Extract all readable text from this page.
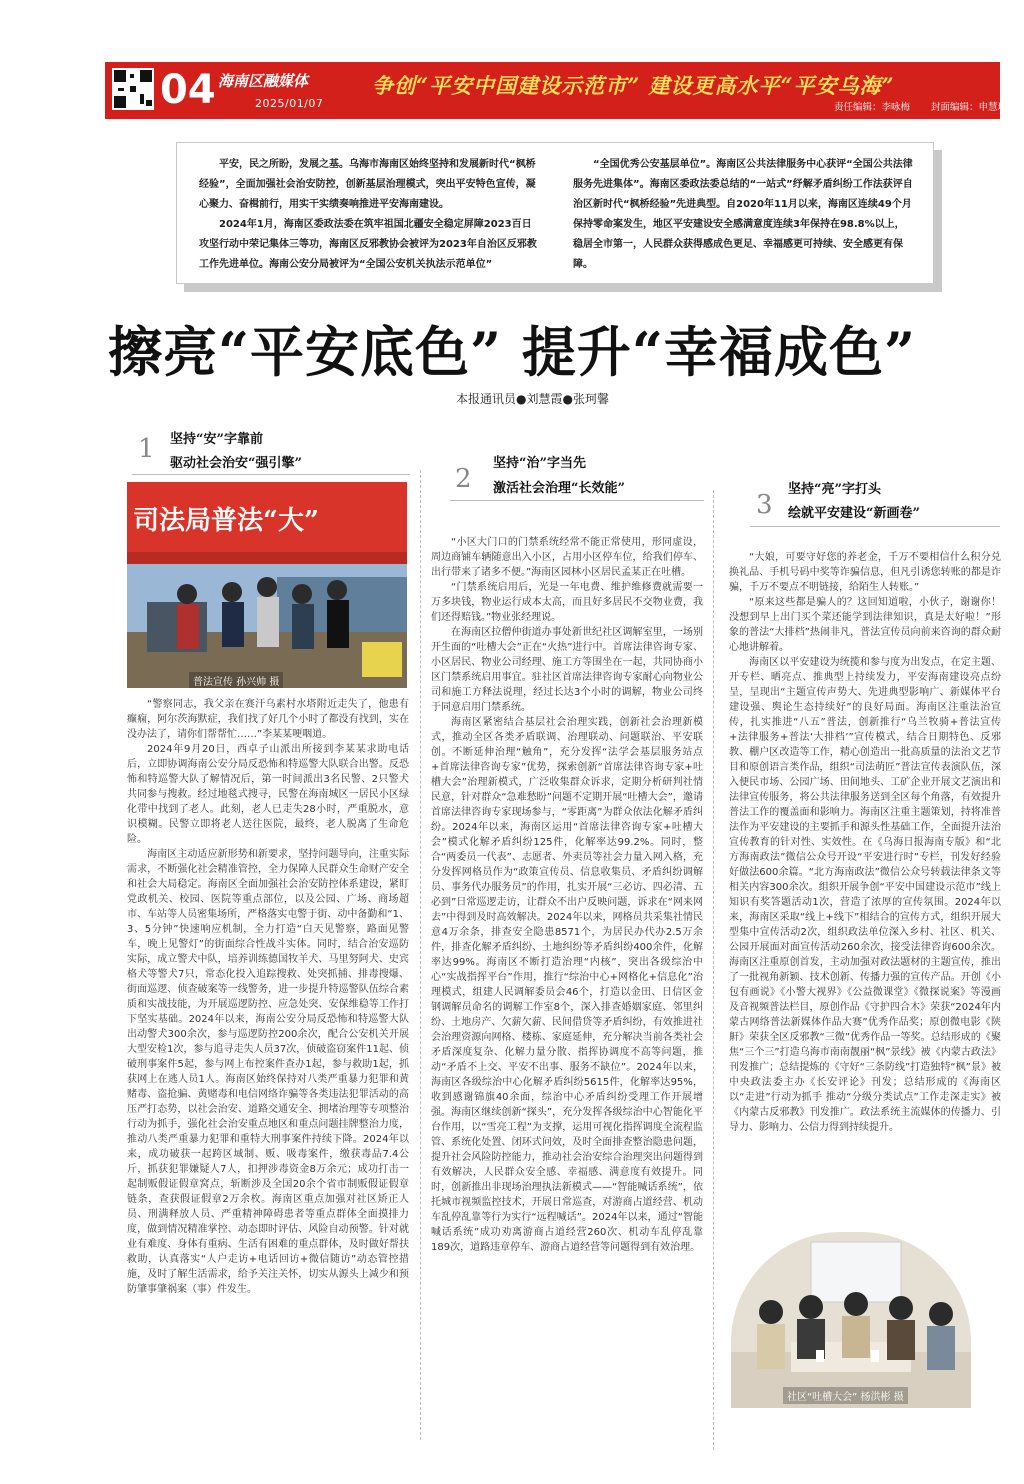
04 海南区融媒体
2025/01/07
争创“平安中国建设示范市” 建设更高水平“平安乌海”
责任编辑：李咏梅 封面编辑：申慧珍

平安，民之所盼，发展之基。乌海市海南区始终坚持和发展新时代“枫桥经验”，全面加强社会治安防控，创新基层治理模式，突出平安特色宣传，凝心聚力、奋楫前行，用实干实绩奏响推进平安海南建设。

2024年1月，海南区委政法委在筑牢祖国北疆安全稳定屏障2023百日攻坚行动中荣记集体三等功，海南区反邪教协会被评为2023年自治区反邪教工作先进单位。海南公安分局被评为“全国公安机关执法示范单位”

“全国优秀公安基层单位”。海南区公共法律服务中心获评“全国公共法律服务先进集体”。海南区委政法委总结的“一站式”纾解矛盾纠纷工作法获评自治区新时代“枫桥经验”先进典型。自2020年11月以来，海南区连续49个月保持零命案发生，地区平安建设安全感满意度连续3年保持在98.8%以上，稳居全市第一，人民群众获得感成色更足、幸福感更可持续、安全感更有保障。

擦亮“平安底色” 提升“幸福成色”
本报通讯员●刘慧霞●张珂馨
1 坚持“安”字靠前
驱动社会治安“强引擎”
2
坚持“治”字当先
激活社会治理“长效能”
3
坚持“亮”字打头
绘就平安建设“新画卷”
司法局普法“大”
普法宣传 孙兴帅 摄

“警察同志，我父亲在赛汗乌素村水塔附近走失了，他患有癫痫，阿尔茨海默症，我们找了好几个小时了都没有找到，实在没办法了，请你们帮帮忙……”李某某哽咽道。

2024年9月20日，西卓子山派出所接到李某某求助电话后，立即协调海南公安分局反恐怖和特巡警大队联合出警。反恐怖和特巡警大队了解情况后，第一时间派出3名民警、2只警犬共同参与搜救。经过地毯式搜寻，民警在海南城区一居民小区绿化带中找到了老人。此刻，老人已走失28小时，严重脱水，意识模糊。民警立即将老人送往医院，最终，老人脱离了生命危险。

海南区主动适应新形势和新要求，坚持问题导向，注重实际需求，不断强化社会精准管控，全力保障人民群众生命财产安全和社会大局稳定。海南区全面加强社会治安防控体系建设，紧盯党政机关、校园、医院等重点部位，以及公园、广场、商场超市、车站等人员密集场所，严格落实屯警于街、动中备勤和“1、3、5分钟”快速响应机制，全力打造“白天见警察，路面见警车，晚上见警灯”的街面综合性战斗实体。同时，结合治安巡防实际，成立警犬中队，培养训练德国牧羊犬、马里努阿犬、史宾格犬等警犬7只，常态化投入追踪搜救、处突抓捕、排毒搜爆、街面巡逻、侦查破案等一线警务，进一步提升特巡警队伍综合素质和实战技能，为开展巡逻防控、应急处突、安保维稳等工作打下坚实基础。2024年以来，海南公安分局反恐怖和特巡警大队出动警犬300余次，参与巡逻防控200余次，配合公安机关开展大型安检1次，参与追寻走失人员37次，侦破盗窃案件11起、侦破刑事案件5起，参与网上布控案件查办1起，参与救助1起，抓获网上在逃人员1人。海南区始终保持对八类严重暴力犯罪和黄赌毒、盗抢骗、黄赌毒和电信网络诈骗等各类违法犯罪活动的高压严打态势，以社会治安、道路交通安全、拥堵治理等专项整治行动为抓手，强化社会治安重点地区和重点问题挂牌整治力度，推动八类严重暴力犯罪和重特大刑事案件持续下降。2024年以来，成功破获一起跨区域制、贩、吸毒案件，缴获毒品7.4公斤，抓获犯罪嫌疑人7人，扣押涉毒资金8万余元；成功打击一起制贩假证假章窝点，斩断涉及全国20余个省市制贩假证假章链条，查获假证假章2万余枚。海南区重点加强对社区矫正人员、刑满释放人员、严重精神障碍患者等重点群体全面摸排力度，做到情况精准掌控、动态即时评估、风险自动预警。针对就业有难度、身体有重病、生活有困难的重点群体，及时做好帮扶救助，认真落实“人户走访+电话回访+微信随访”动态管控措施，及时了解生活需求，给予关注关怀，切实从源头上减少和预防肇事肇祸案（事）件发生。

“小区大门口的门禁系统经常不能正常使用，形同虚设，周边商铺车辆随意出入小区，占用小区停车位，给我们停车、出行带来了诸多不便。”海南区园林小区居民孟某正在吐槽。

“门禁系统启用后，光是一年电费、维护维修费就需要一万多块钱，物业运行成本太高，而且好多居民不交物业费，我们还得赔钱。”物业张经理说。

在海南区拉僧仲街道办事处新世纪社区调解室里，一场别开生面的“吐槽大会”正在“火热”进行中。首席法律咨询专家、小区居民、物业公司经理、施工方等围坐在一起，共同协商小区门禁系统启用事宜。驻社区首席法律咨询专家耐心向物业公司和施工方释法说理，经过长达3个小时的调解，物业公司终于同意启用门禁系统。

海南区紧密结合基层社会治理实践，创新社会治理新模式，推动全区各类矛盾联调、治理联动、问题联治、平安联创。不断延伸治理“触角”，充分发挥“法学会基层服务站点+首席法律咨询专家”优势，探索创新“首席法律咨询专家+吐槽大会”治理新模式，广泛收集群众诉求，定期分析研判社情民意，针对群众“急难愁盼”问题不定期开展“吐槽大会”，邀请首席法律咨询专家现场参与，“零距离”为群众依法化解矛盾纠纷。2024年以来，海南区运用“首席法律咨询专家+吐槽大会”模式化解矛盾纠纷125件，化解率达99.2%。同时，整合“两委员一代表”、志愿者、外卖员等社会力量入网入格，充分发挥网格员作为“政策宣传员、信息收集员、矛盾纠纷调解员、事务代办服务员”的作用，扎实开展“三必访、四必清、五必到”日常巡逻走访，让群众不出户反映问题，诉求在“网来网去”中得到及时高效解决。2024年以来，网格员共采集社情民意4万余条，排查安全隐患8571个，为居民办代办2.5万余件，排查化解矛盾纠纷、土地纠纷等矛盾纠纷400余件，化解率达99%。海南区不断打造治理“内核”，突出各级综治中心“实战指挥平台”作用，推行“综治中心+网格化+信息化”治理模式，组建人民调解委员会46个，打造以金田、日信区金钢调解员命名的调解工作室8个，深入排查婚姻家庭、邻里纠纷、土地房产、欠薪欠薪、民间借贷等矛盾纠纷，有效推进社会治理资源向网格、楼栋、家庭延伸，充分解决当前各类社会矛盾深度复杂、化解力量分散、指挥协调度不高等问题，推动“矛盾不上交、平安不出事、服务不缺位”。2024年以来，海南区各级综治中心化解矛盾纠纷5615件，化解率达95%，收到感谢锦旗40余面，综治中心矛盾纠纷受理工作开展增强。海南区继续创新“探头”，充分发挥各级综治中心智能化平台作用，以“雪亮工程”为支撑，运用可视化指挥调度全流程监管、系统化处置、闭环式问效，及时全面排查整治隐患问题，提升社会风险防控能力，推动社会治安综合治理突出问题得到有效解决，人民群众安全感、幸福感、满意度有效提升。同时，创新推出非现场治理执法新模式——“智能喊话系统”，依托城市视频监控技术，开展日常巡查，对游商占道经营、机动车乱停乱靠等行为实行“远程喊话”。2024年以来，通过“智能喊话系统”成功劝离游商占道经营260次、机动车乱停乱靠189次，道路违章停车、游商占道经营等问题得到有效治理。

“大娘，可要守好您的养老金，千万不要相信什么积分兑换礼品、手机号码中奖等诈骗信息，但凡引诱您转账的都是诈骗，千万不要点不明链接，给陌生人转账。”

“原来这些都是骗人的？这回知道啦，小伙子，谢谢你！没想到早上出门买个菜还能学到法律知识，真是太好啦！”形象的普法“大排档”热闹非凡，普法宣传员向前来咨询的群众耐心地讲解着。

海南区以平安建设为统揽和参与度为出发点，在定主题、开专栏、晒亮点、推典型上持续发力，平安海南建设亮点纷呈，呈现出“主题宣传声势大、先进典型影响广、新媒体平台建设强、舆论生态持续好”的良好局面。海南区注重法治宣传，扎实推进“八五”普法，创新推行“乌兰牧骑+普法宣传+法律服务+普法‘大排档’”宣传模式，结合日期特色、反邪教、棚户区改造等工作，精心创造出一批高质量的法治文艺节目和原创语言类作品，组织“司法萌匠”普法宣传表演队伍，深入便民市场、公园广场、田间地头、工矿企业开展文艺演出和法律宣传服务，将公共法律服务送到全区每个角落，有效提升普法工作的覆盖面和影响力。海南区注重主题策划，持将准普法作为平安建设的主要抓手和源头性基础工作，全面提升法治宣传教育的针对性、实效性。在《乌海日报海南专版》和“北方海南政法”微信公众号开设“平安进行时”专栏，刊发好经验好做法600余篇。“北方海南政法”微信公众号转载法律条文等相关内容300余次。组织开展争创“平安中国建设示范市”线上知识有奖答题活动1次，营造了浓厚的宣传氛围。2024年以来，海南区采取“线上+线下”相结合的宣传方式，组织开展大型集中宣传活动2次，组织政法单位深入乡村、社区、机关、公园开展面对面宣传活动260余次，接受法律咨询600余次。海南区注重原创首发，主动加强对政法题材的主题宣传，推出了一批视角新颖、技术创新、传播力强的宣传产品。开创《小包有画说》《小警大视界》《公益微课堂》《微探说案》等漫画及音视频普法栏目，原创作品《守护四合木》荣获“2024年内蒙古网络普法新媒体作品大赛”优秀作品奖；原创微电影《陕鼾》荣获全区反邪教“三微”优秀作品一等奖。总结形成的《聚焦“三个三”打造乌海市南南靓丽“枫”景线》被《内蒙古政法》刊发推广；总结提炼的《守好“三条防线”打造独特“枫”景》被中央政法委主办《长安评论》刊发；总结形成的《海南区以“走进”行动为抓手 推动“分级分类试点”工作走深走实》被《内蒙古反邪教》刊发推广。政法系统主流媒体的传播力、引导力、影响力、公信力得到持续提升。

社区“吐槽大会” 杨洪彬 摄
